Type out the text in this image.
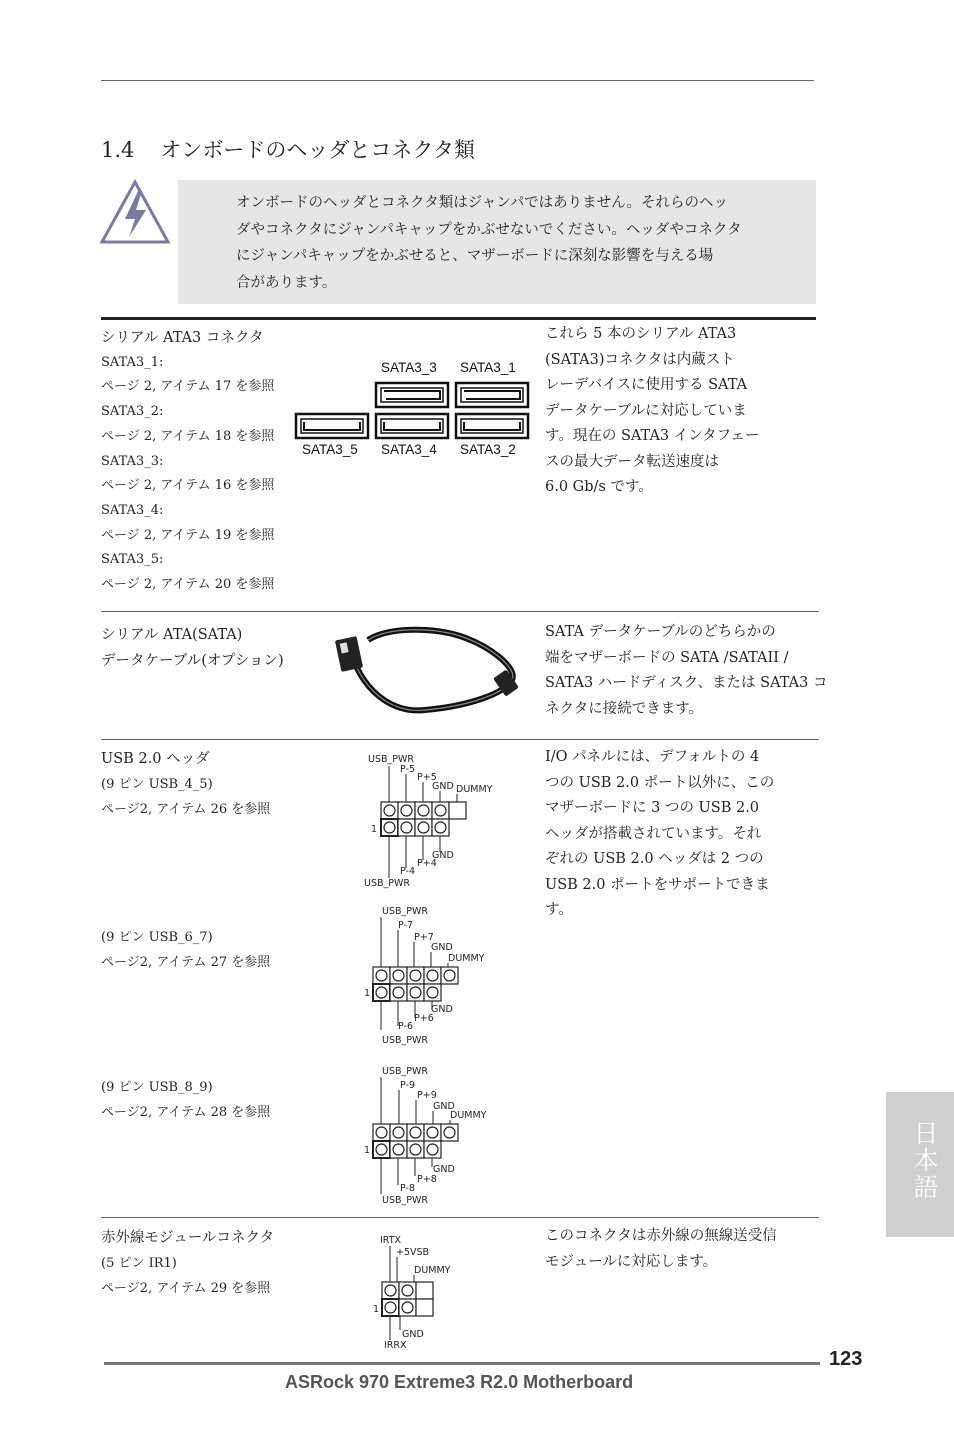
1.4 オンボードのヘッダとコネクタ類
オンボードのヘッダとコネクタ類はジャンパではありません。それらのヘッ
ダやコネクタにジャンパキャップをかぶせないでください。ヘッダやコネクタ
にジャンパキャップをかぶせると、マザーボードに深刻な影響を与える場
合があります。
シリアル ATA3 コネクタ
SATA3_1:
ページ 2, アイテム 17 を参照
SATA3_2:
ページ 2, アイテム 18 を参照
SATA3_3:
ページ 2, アイテム 16 を参照
SATA3_4:
ページ 2, アイテム 19 を参照
SATA3_5:
ページ 2, アイテム 20 を参照
SATA3_3 SATA3_1
SATA3_5 SATA3_4 SATA3_2
これら 5 本のシリアル ATA3
(SATA3)コネクタは内蔵スト
レーデバイスに使用する SATA
データケーブルに対応していま
す。現在の SATA3 インタフェー
スの最大データ転送速度は
6.0 Gb/s です。
シリアル ATA(SATA)
データケーブル(オプション)
SATA データケーブルのどちらかの
端をマザーボードの SATA /SATAII /
SATA3 ハードディスク、または SATA3 コ
ネクタに接続できます。
USB 2.0 ヘッダ
(9 ピン USB_4_5)
ページ2, アイテム 26 を参照
(9 ピン USB_6_7)
ページ2, アイテム 27 を参照
(9 ピン USB_8_9)
ページ2, アイテム 28 を参照
USB_PWR
P-5
P+5
GND DUMMY
1
GND
P+4
P-4
USB_PWR
USB_PWR
P-7
P+7
GND
DUMMY
1
GND
P+6
P-6
USB_PWR
USB_PWR
P-9
P+9
GND
DUMMY
1
GND
P+8
P-8
USB_PWR
I/O パネルには、デフォルトの 4
つの USB 2.0 ポート以外に、この
マザーボードに 3 つの USB 2.0
ヘッダが搭載されています。それ
ぞれの USB 2.0 ヘッダは 2 つの
USB 2.0 ポートをサポートできま
す。
赤外線モジュールコネクタ
(5 ピン IR1)
ページ2, アイテム 29 を参照
IRTX
+5VSB
DUMMY
1
GND
IRRX
このコネクタは赤外線の無線送受信
モジュールに対応します。
日本語
123
ASRock 970 Extreme3 R2.0 Motherboard
